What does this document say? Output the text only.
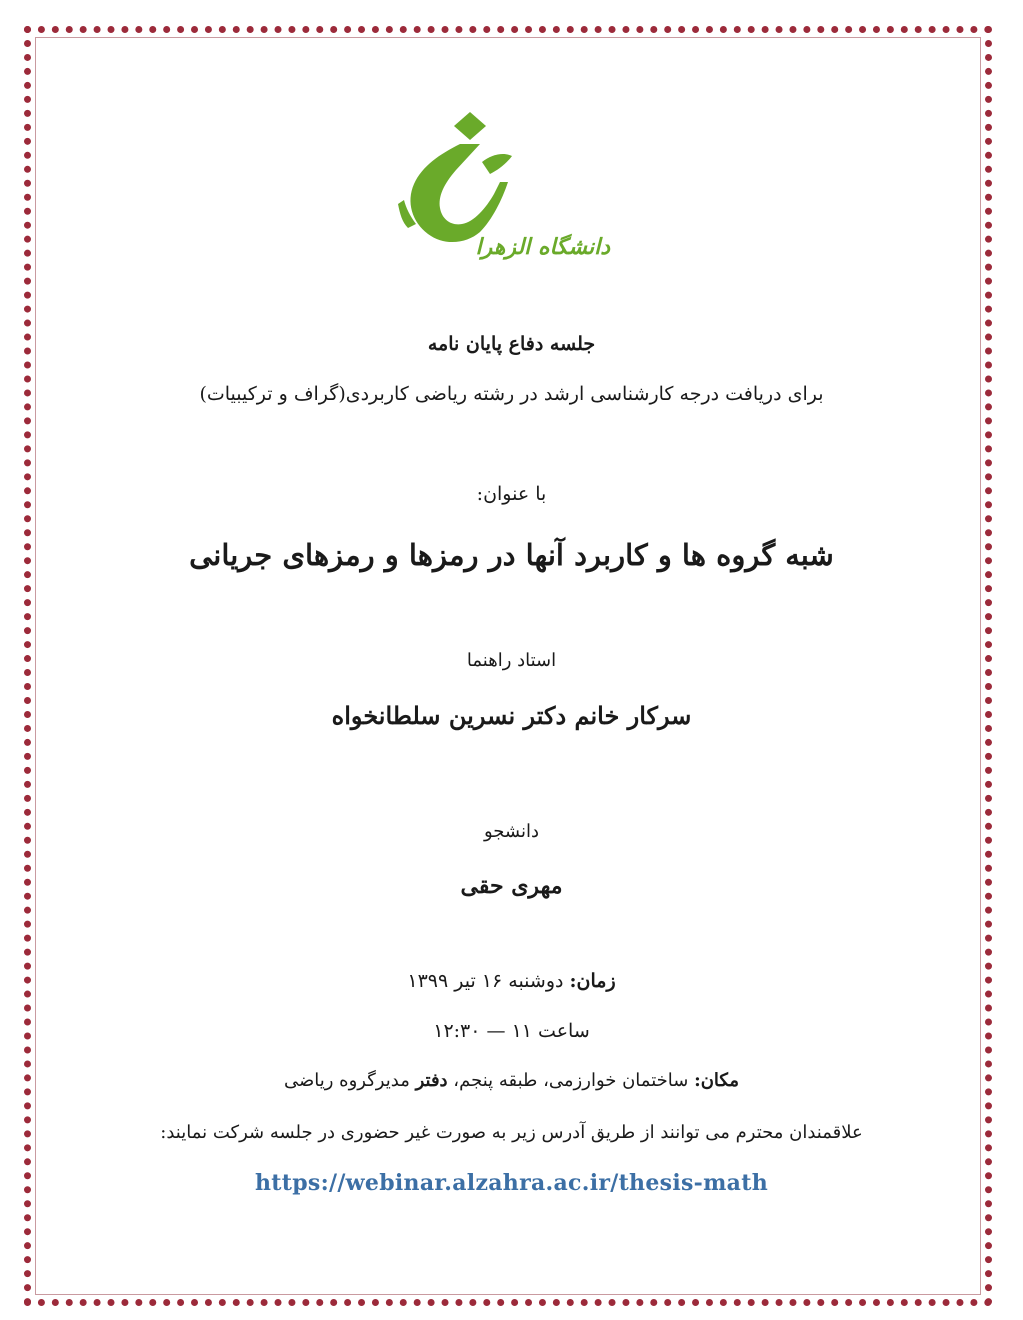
دانشگاه الزهرا
جلسه دفاع پایان نامه
برای دریافت درجه کارشناسی ارشد در رشته ریاضی کاربردی(گراف و ترکیبیات)
با عنوان:
شبه گروه ها و کاربرد آنها در رمزها و رمزهای جریانی
استاد راهنما
سرکار خانم دکتر نسرین سلطانخواه
دانشجو
مهری حقی
زمان: دوشنبه ۱۶ تیر ۱۳۹۹
ساعت ۱۱ — ۱۲:۳۰
مکان: ساختمان خوارزمی، طبقه پنجم، دفتر مدیرگروه ریاضی
علاقمندان محترم می توانند از طریق آدرس زیر به صورت غیر حضوری در جلسه شرکت نمایند:
https://webinar.alzahra.ac.ir/thesis-math
